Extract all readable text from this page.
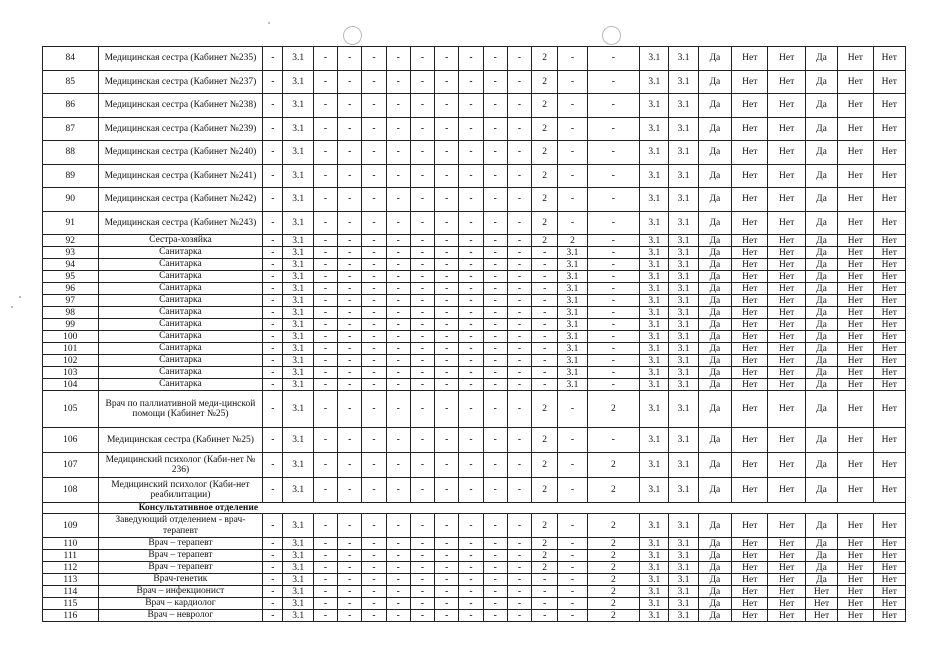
84	Медицинская сестра (Кабинет №235)	-	3.1	-	-	-	-	-	-	-	-	-	2	-	-	3.1	3.1	Да	Нет	Нет	Да	Нет	Нет
85	Медицинская сестра (Кабинет №237)	-	3.1	-	-	-	-	-	-	-	-	-	2	-	-	3.1	3.1	Да	Нет	Нет	Да	Нет	Нет
86	Медицинская сестра (Кабинет №238)	-	3.1	-	-	-	-	-	-	-	-	-	2	-	-	3.1	3.1	Да	Нет	Нет	Да	Нет	Нет
87	Медицинская сестра (Кабинет №239)	-	3.1	-	-	-	-	-	-	-	-	-	2	-	-	3.1	3.1	Да	Нет	Нет	Да	Нет	Нет
88	Медицинская сестра (Кабинет №240)	-	3.1	-	-	-	-	-	-	-	-	-	2	-	-	3.1	3.1	Да	Нет	Нет	Да	Нет	Нет
89	Медицинская сестра (Кабинет №241)	-	3.1	-	-	-	-	-	-	-	-	-	2	-	-	3.1	3.1	Да	Нет	Нет	Да	Нет	Нет
90	Медицинская сестра (Кабинет №242)	-	3.1	-	-	-	-	-	-	-	-	-	2	-	-	3.1	3.1	Да	Нет	Нет	Да	Нет	Нет
91	Медицинская сестра (Кабинет №243)	-	3.1	-	-	-	-	-	-	-	-	-	2	-	-	3.1	3.1	Да	Нет	Нет	Да	Нет	Нет
92	Сестра-хозяйка	-	3.1	-	-	-	-	-	-	-	-	-	2	2	-	3.1	3.1	Да	Нет	Нет	Да	Нет	Нет
93	Санитарка	-	3.1	-	-	-	-	-	-	-	-	-	-	3.1	-	3.1	3.1	Да	Нет	Нет	Да	Нет	Нет
94	Санитарка	-	3.1	-	-	-	-	-	-	-	-	-	-	3.1	-	3.1	3.1	Да	Нет	Нет	Да	Нет	Нет
95	Санитарка	-	3.1	-	-	-	-	-	-	-	-	-	-	3.1	-	3.1	3.1	Да	Нет	Нет	Да	Нет	Нет
96	Санитарка	-	3.1	-	-	-	-	-	-	-	-	-	-	3.1	-	3.1	3.1	Да	Нет	Нет	Да	Нет	Нет
97	Санитарка	-	3.1	-	-	-	-	-	-	-	-	-	-	3.1	-	3.1	3.1	Да	Нет	Нет	Да	Нет	Нет
98	Санитарка	-	3.1	-	-	-	-	-	-	-	-	-	-	3.1	-	3.1	3.1	Да	Нет	Нет	Да	Нет	Нет
99	Санитарка	-	3.1	-	-	-	-	-	-	-	-	-	-	3.1	-	3.1	3.1	Да	Нет	Нет	Да	Нет	Нет
100	Санитарка	-	3.1	-	-	-	-	-	-	-	-	-	-	3.1	-	3.1	3.1	Да	Нет	Нет	Да	Нет	Нет
101	Санитарка	-	3.1	-	-	-	-	-	-	-	-	-	-	3.1	-	3.1	3.1	Да	Нет	Нет	Да	Нет	Нет
102	Санитарка	-	3.1	-	-	-	-	-	-	-	-	-	-	3.1	-	3.1	3.1	Да	Нет	Нет	Да	Нет	Нет
103	Санитарка	-	3.1	-	-	-	-	-	-	-	-	-	-	3.1	-	3.1	3.1	Да	Нет	Нет	Да	Нет	Нет
104	Санитарка	-	3.1	-	-	-	-	-	-	-	-	-	-	3.1	-	3.1	3.1	Да	Нет	Нет	Да	Нет	Нет
105	Врач по паллиативной меди-цинской помощи (Кабинет №25)	-	3.1	-	-	-	-	-	-	-	-	-	2	-	2	3.1	3.1	Да	Нет	Нет	Да	Нет	Нет
106	Медицинская сестра (Кабинет №25)	-	3.1	-	-	-	-	-	-	-	-	-	2	-	-	3.1	3.1	Да	Нет	Нет	Да	Нет	Нет
107	Медицинский психолог (Каби-нет № 236)	-	3.1	-	-	-	-	-	-	-	-	-	2	-	2	3.1	3.1	Да	Нет	Нет	Да	Нет	Нет
108	Медицинский психолог (Каби-нет реабилитации)	-	3.1	-	-	-	-	-	-	-	-	-	2	-	2	3.1	3.1	Да	Нет	Нет	Да	Нет	Нет
	Консультативное отделение																						
109	Заведующий отделением - врач-терапевт	-	3.1	-	-	-	-	-	-	-	-	-	2	-	2	3.1	3.1	Да	Нет	Нет	Да	Нет	Нет
110	Врач – терапевт	-	3.1	-	-	-	-	-	-	-	-	-	2	-	2	3.1	3.1	Да	Нет	Нет	Да	Нет	Нет
111	Врач – терапевт	-	3.1	-	-	-	-	-	-	-	-	-	2	-	2	3.1	3.1	Да	Нет	Нет	Да	Нет	Нет
112	Врач – терапевт	-	3.1	-	-	-	-	-	-	-	-	-	2	-	2	3.1	3.1	Да	Нет	Нет	Да	Нет	Нет
113	Врач-генетик	-	3.1	-	-	-	-	-	-	-	-	-	-	-	2	3.1	3.1	Да	Нет	Нет	Да	Нет	Нет
114	Врач – инфекционист	-	3.1	-	-	-	-	-	-	-	-	-	-	-	2	3.1	3.1	Да	Нет	Нет	Нет	Нет	Нет
115	Врач – кардиолог	-	3.1	-	-	-	-	-	-	-	-	-	-	-	2	3.1	3.1	Да	Нет	Нет	Нет	Нет	Нет
116	Врач – невролог	-	3.1	-	-	-	-	-	-	-	-	-	-	-	2	3.1	3.1	Да	Нет	Нет	Нет	Нет	Нет
